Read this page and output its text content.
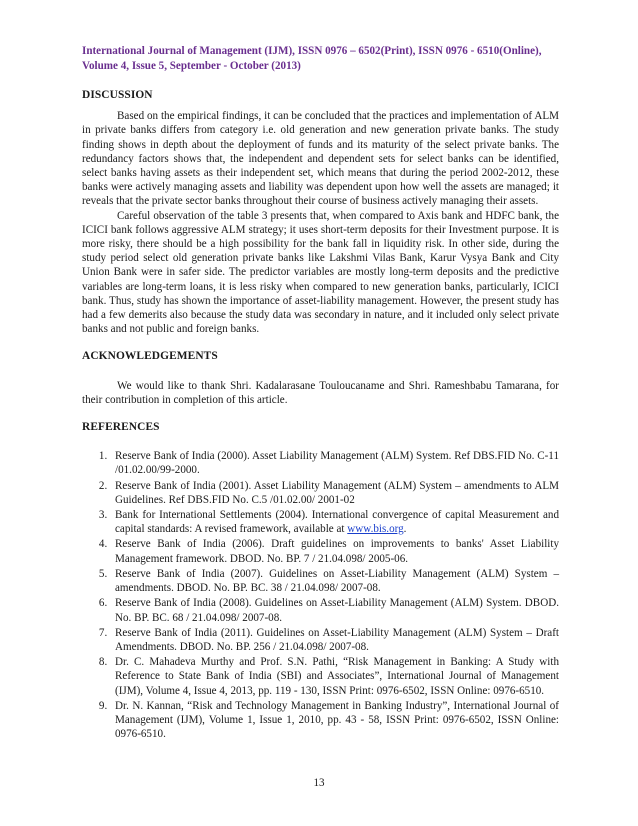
International Journal of Management (IJM), ISSN 0976 – 6502(Print), ISSN 0976 - 6510(Online),
Volume 4, Issue 5, September - October (2013)
DISCUSSION

Based on the empirical findings, it can be concluded that the practices and implementation of ALM in private banks differs from category i.e. old generation and new generation private banks. The study finding shows in depth about the deployment of funds and its maturity of the select private banks. The redundancy factors shows that, the independent and dependent sets for select banks can be identified, select banks having assets as their independent set, which means that during the period 2002-2012, these banks were actively managing assets and liability was dependent upon how well the assets are managed; it reveals that the private sector banks throughout their course of business actively managing their assets.

Careful observation of the table 3 presents that, when compared to Axis bank and HDFC bank, the ICICI bank follows aggressive ALM strategy; it uses short-term deposits for their Investment purpose. It is more risky, there should be a high possibility for the bank fall in liquidity risk. In other side, during the study period select old generation private banks like Lakshmi Vilas Bank, Karur Vysya Bank and City Union Bank were in safer side. The predictor variables are mostly long-term deposits and the predictive variables are long-term loans, it is less risky when compared to new generation banks, particularly, ICICI bank. Thus, study has shown the importance of asset-liability management. However, the present study has had a few demerits also because the study data was secondary in nature, and it included only select private banks and not public and foreign banks.

ACKNOWLEDGEMENTS

We would like to thank Shri. Kadalarasane Touloucaname and Shri. Rameshbabu Tamarana, for their contribution in completion of this article.

REFERENCES
1. Reserve Bank of India (2000). Asset Liability Management (ALM) System. Ref DBS.FID No. C-11 /01.02.00/99-2000.
2. Reserve Bank of India (2001). Asset Liability Management (ALM) System – amendments to ALM Guidelines. Ref DBS.FID No. C.5 /01.02.00/ 2001-02
3. Bank for International Settlements (2004). International convergence of capital Measurement and capital standards: A revised framework, available at www.bis.org.
4. Reserve Bank of India (2006). Draft guidelines on improvements to banks' Asset Liability Management framework. DBOD. No. BP. 7 / 21.04.098/ 2005-06.
5. Reserve Bank of India (2007). Guidelines on Asset-Liability Management (ALM) System – amendments. DBOD. No. BP. BC. 38 / 21.04.098/ 2007-08.
6. Reserve Bank of India (2008). Guidelines on Asset-Liability Management (ALM) System. DBOD. No. BP. BC. 68 / 21.04.098/ 2007-08.
7. Reserve Bank of India (2011). Guidelines on Asset-Liability Management (ALM) System – Draft Amendments. DBOD. No. BP. 256 / 21.04.098/ 2007-08.
8. Dr. C. Mahadeva Murthy and Prof. S.N. Pathi, “Risk Management in Banking: A Study with Reference to State Bank of India (SBI) and Associates”, International Journal of Management (IJM), Volume 4, Issue 4, 2013, pp. 119 - 130, ISSN Print: 0976-6502, ISSN Online: 0976-6510.
9. Dr. N. Kannan, “Risk and Technology Management in Banking Industry”, International Journal of Management (IJM), Volume 1, Issue 1, 2010, pp. 43 - 58, ISSN Print: 0976-6502, ISSN Online: 0976-6510.
13
